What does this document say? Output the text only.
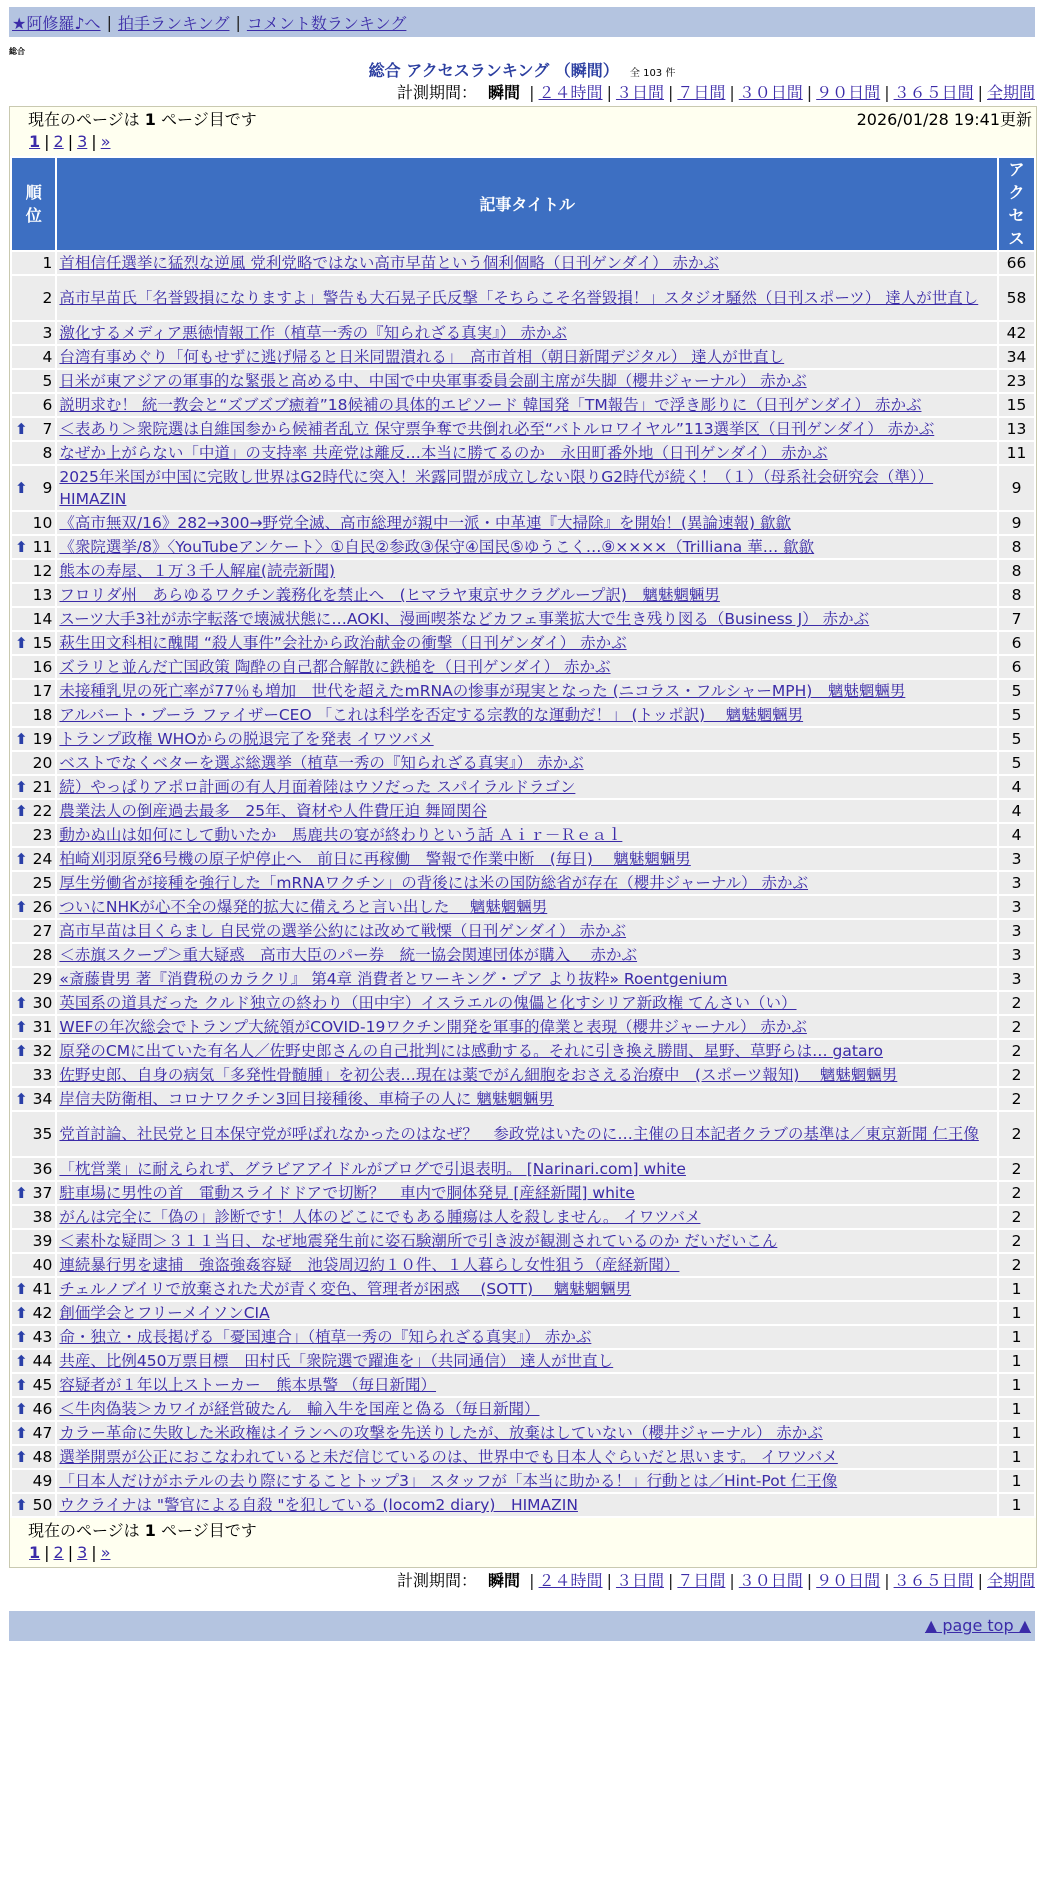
★阿修羅♪へ | 拍手ランキング | コメント数ランキング
総合
総合 アクセスランキング （瞬間） 全 103 件
計測期間： 瞬間 | ２４時間 | ３日間 | ７日間 | ３０日間 | ９０日間 | ３６５日間 | 全期間
現在のページは 1 ページ目です	2026/01/28 19:41更新
1 | 2 | 3 | »
順位	記事タイトル	アクセス
1	首相信任選挙に猛烈な逆風 党利党略ではない高市早苗という個利個略（日刊ゲンダイ） 赤かぶ	66
2	高市早苗氏「名誉毀損になりますよ」警告も大石晃子氏反撃「そちらこそ名誉毀損！」スタジオ騒然（日刊スポーツ） 達人が世直し	58
3	激化するメディア悪徳情報工作（植草一秀の『知られざる真実』） 赤かぶ	42
4	台湾有事めぐり「何もせずに逃げ帰ると日米同盟潰れる」　高市首相（朝日新聞デジタル） 達人が世直し	34
5	日米が東アジアの軍事的な緊張と高める中、中国で中央軍事委員会副主席が失脚（櫻井ジャーナル） 赤かぶ	23
6	説明求む！ 統一教会と“ズブズブ癒着”18候補の具体的エピソード 韓国発「TM報告」で浮き彫りに（日刊ゲンダイ） 赤かぶ	15

⬆ 7	＜表あり＞衆院選は自維国参から候補者乱立 保守票争奪で共倒れ必至“バトルロワイヤル”113選挙区（日刊ゲンダイ） 赤かぶ	13
8	なぜか上がらない「中道」の支持率 共産党は離反…本当に勝てるのか　永田町番外地（日刊ゲンダイ） 赤かぶ	11

⬆ 9	2025年米国が中国に完敗し世界はG2時代に突入！米露同盟が成立しない限りG2時代が続く！（１）（母系社会研究会（準）） HIMAZIN	9
10	《高市無双/16》282→300→野党全滅、高市総理が親中一派・中革連『大掃除』を開始！(異論速報) 歙歙	9

⬆ 11	《衆院選挙/8》〈YouTubeアンケート〉①自民②参政③保守④国民⑤ゆうこく…⑨××××（Trilliana 華… 歙歙	8
12	熊本の寿屋、１万３千人解雇(読売新聞)	8
13	フロリダ州　あらゆるワクチン義務化を禁止へ　(ヒマラヤ東京サクラグループ訳)　魑魅魍魎男	8
14	スーツ大手3社が赤字転落で壊滅状態に…AOKI、漫画喫茶などカフェ事業拡大で生き残り図る（Business J） 赤かぶ	7

⬆ 15	萩生田文科相に醜聞 “殺人事件”会社から政治献金の衝撃（日刊ゲンダイ） 赤かぶ	6
16	ズラリと並んだ亡国政策 陶酔の自己都合解散に鉄槌を（日刊ゲンダイ） 赤かぶ	6
17	未接種乳児の死亡率が77％も増加　世代を超えたmRNAの惨事が現実となった (ニコラス・フルシャーMPH)　魑魅魍魎男	5
18	アルバート・ブーラ ファイザーCEO 「これは科学を否定する宗教的な運動だ！」 (トッポ訳)　 魑魅魍魎男	5

⬆ 19	トランプ政権 WHOからの脱退完了を発表 イワツバメ	5
20	ベストでなくベターを選ぶ総選挙（植草一秀の『知られざる真実』） 赤かぶ	5

⬆ 21	続）やっぱりアポロ計画の有人月面着陸はウソだった スパイラルドラゴン	4

⬆ 22	農業法人の倒産過去最多　25年、資材や人件費圧迫 舞岡関谷	4
23	動かぬ山は如何にして動いたか　馬鹿共の宴が終わりという話 Ａｉｒ－Ｒｅａｌ	4

⬆ 24	柏崎刈羽原発6号機の原子炉停止へ　前日に再稼働　警報で作業中断　(毎日)　 魑魅魍魎男	3
25	厚生労働省が接種を強行した「mRNAワクチン」の背後には米の国防総省が存在（櫻井ジャーナル） 赤かぶ	3

⬆ 26	ついにNHKが心不全の爆発的拡大に備えろと言い出した　 魑魅魍魎男	3
27	高市早苗は目くらまし 自民党の選挙公約には改めて戦慄（日刊ゲンダイ） 赤かぶ	3
28	＜赤旗スクープ＞重大疑惑　高市大臣のパー券　統一協会関連団体が購入　 赤かぶ	3
29	«斎藤貴男 著『消費税のカラクリ』 第4章 消費者とワーキング・プア より抜粋» Roentgenium	3

⬆ 30	英国系の道具だった クルド独立の終わり（田中宇）イスラエルの傀儡と化すシリア新政権 てんさい（い）	2

⬆ 31	WEFの年次総会でトランプ大統領がCOVID-19ワクチン開発を軍事的偉業と表現（櫻井ジャーナル） 赤かぶ	2

⬆ 32	原発のCMに出ていた有名人／佐野史郎さんの自己批判には感動する。それに引き換え勝間、星野、草野らは… gataro	2
33	佐野史郎、自身の病気「多発性骨髄腫」を初公表…現在は薬でがん細胞をおさえる治療中　(スポーツ報知)　 魑魅魍魎男	2

⬆ 34	岸信夫防衛相、コロナワクチン3回目接種後、車椅子の人に 魑魅魍魎男	2
35	党首討論、社民党と日本保守党が呼ばれなかったのはなぜ？　参政党はいたのに…主催の日本記者クラブの基準は／東京新聞 仁王像	2
36	「枕営業」に耐えられず、グラビアアイドルがブログで引退表明。 [Narinari.com] white	2

⬆ 37	駐車場に男性の首　電動スライドドアで切断？　車内で胴体発見 [産経新聞] white	2
38	がんは完全に「偽の」診断です！人体のどこにでもある腫瘍は人を殺しません。 イワツバメ	2
39	＜素朴な疑問＞３１１当日、なぜ地震発生前に姿石験潮所で引き波が観測されているのか だいだいこん	2
40	連続暴行男を逮捕　強盗強姦容疑　池袋周辺約１０件、１人暮らし女性狙う（産経新聞）	2

⬆ 41	チェルノブイリで放棄された犬が青く変色、管理者が困惑　 (SOTT)　 魑魅魍魎男	1

⬆ 42	創価学会とフリーメイソンCIA	1

⬆ 43	命・独立・成長掲げる「憂国連合」（植草一秀の『知られざる真実』） 赤かぶ	1

⬆ 44	共産、比例450万票目標　田村氏「衆院選で躍進を」（共同通信） 達人が世直し	1

⬆ 45	容疑者が１年以上ストーカー　熊本県警 （毎日新聞）	1

⬆ 46	＜牛肉偽装＞カワイが経営破たん　輸入牛を国産と偽る（毎日新聞）	1

⬆ 47	カラー革命に失敗した米政権はイランへの攻撃を先送りしたが、放棄はしていない（櫻井ジャーナル） 赤かぶ	1

⬆ 48	選挙開票が公正におこなわれていると未だ信じているのは、世界中でも日本人ぐらいだと思います。 イワツバメ	1
49	「日本人だけがホテルの去り際にすることトップ3」 スタッフが「本当に助かる！」行動とは／Hint-Pot 仁王像	1

⬆ 50	ウクライナは "警官による自殺 "を犯している (locom2 diary)　HIMAZIN	1
現在のページは 1 ページ目です
1 | 2 | 3 | »
計測期間： 瞬間 | ２４時間 | ３日間 | ７日間 | ３０日間 | ９０日間 | ３６５日間 | 全期間
▲ page top ▲
